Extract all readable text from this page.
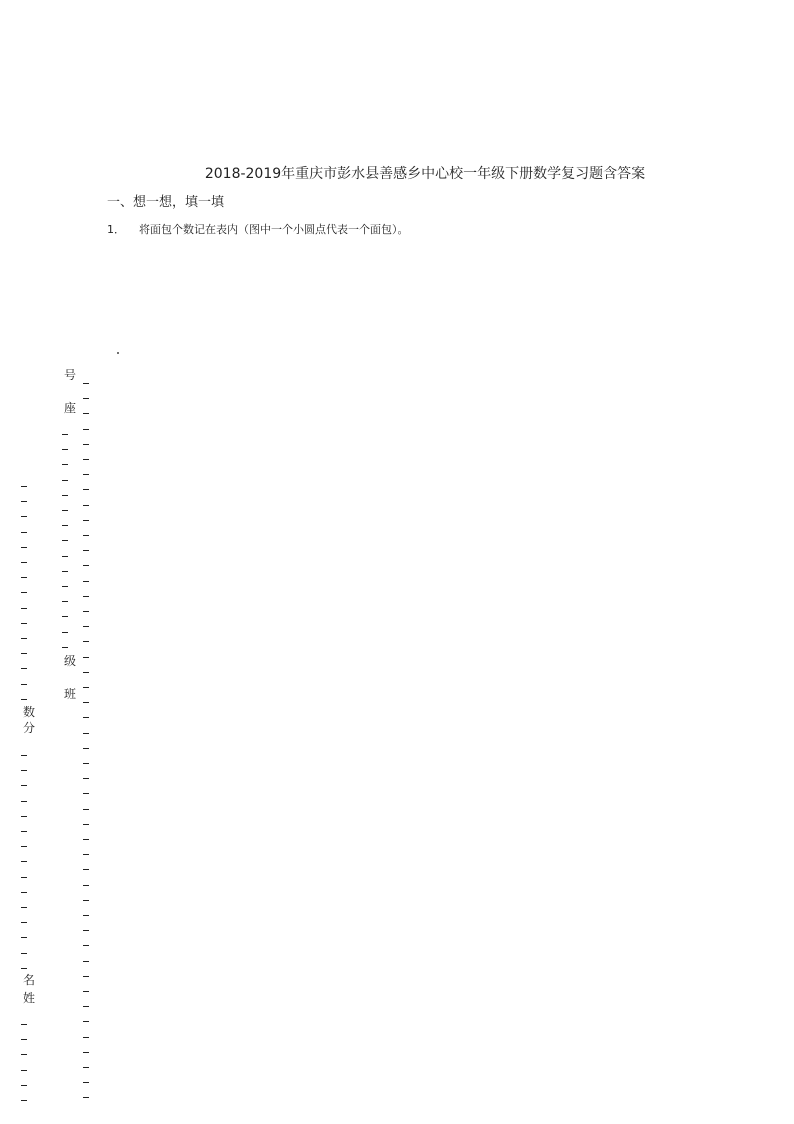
2018-2019年重庆市彭水县善感乡中心校一年级下册数学复习题含答案
一、想一想，填一填
1． 将面包个数记在表内（图中一个小圆点代表一个面包）。
号
座
级
班
数
分
名
姓
